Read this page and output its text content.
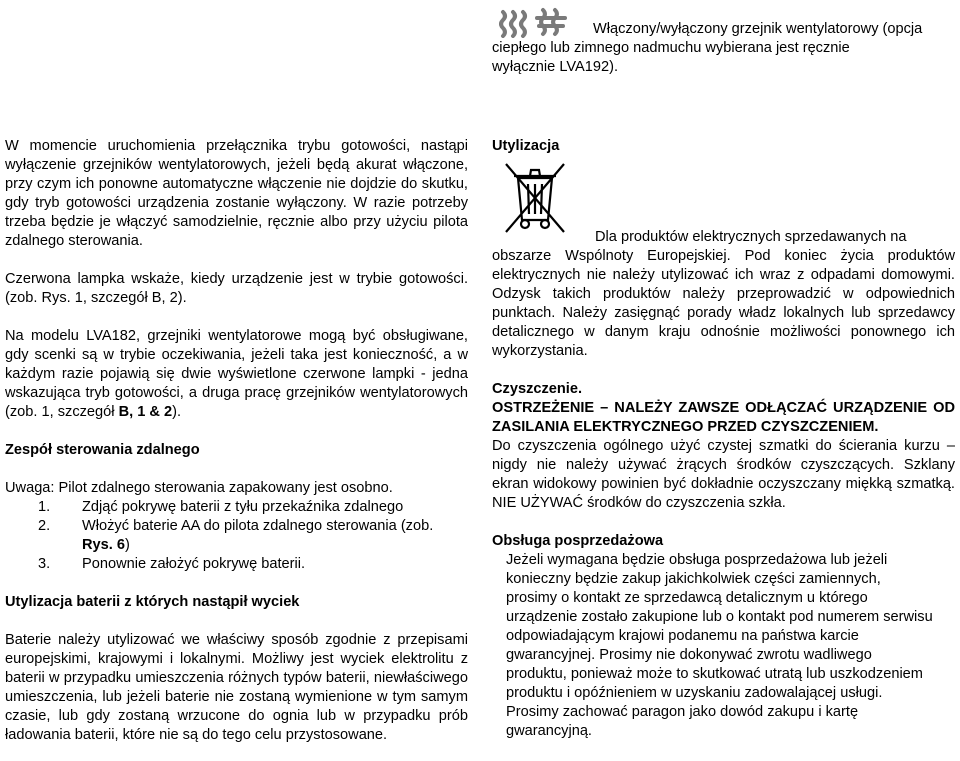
Włączony/wyłączony grzejnik wentylatorowy (opcja
ciepłego lub zimnego nadmuchu wybierana jest ręcznie
wyłącznie LVA192).

W momencie uruchomienia przełącznika trybu gotowości, nastąpi wyłączenie grzejników wentylatorowych, jeżeli będą akurat włączone, przy czym ich ponowne automatyczne włączenie nie dojdzie do skutku, gdy tryb gotowości urządzenia zostanie wyłączony. W razie potrzeby trzeba będzie je włączyć samodzielnie, ręcznie albo przy użyciu pilota zdalnego sterowania.

Czerwona lampka wskaże, kiedy urządzenie jest w trybie gotowości. (zob. Rys. 1, szczegół B, 2).

Na modelu LVA182, grzejniki wentylatorowe mogą być obsługiwane, gdy scenki są w trybie oczekiwania, jeżeli taka jest konieczność, a w każdym razie pojawią się dwie wyświetlone czerwone lampki - jedna wskazująca tryb gotowości, a druga pracę grzejników wentylatorowych (zob. 1, szczegół B, 1 & 2).

Zespół sterowania zdalnego

Uwaga: Pilot zdalnego sterowania zapakowany jest osobno.

1.	Zdjąć pokrywę baterii z tyłu przekaźnika zdalnego
2.	Włożyć baterie AA do pilota zdalnego sterowania (zob.
Rys. 6)
3.	Ponownie założyć pokrywę baterii.

Utylizacja baterii z których nastąpił wyciek

Baterie należy utylizować we właściwy sposób zgodnie z przepisami europejskimi, krajowymi i lokalnymi. Możliwy jest wyciek elektrolitu z baterii w przypadku umieszczenia różnych typów baterii, niewłaściwego umieszczenia, lub jeżeli baterie nie zostaną wymienione w tym samym czasie, lub gdy zostaną wrzucone do ognia lub w przypadku prób ładowania baterii, które nie są do tego celu przystosowane.

Utylizacja

Dla produktów elektrycznych sprzedawanych na
obszarze Wspólnoty Europejskiej. Pod koniec życia produktów elektrycznych nie należy utylizować ich wraz z odpadami domowymi. Odzysk takich produktów należy przeprowadzić w odpowiednich punktach. Należy zasięgnąć porady władz lokalnych lub sprzedawcy detalicznego w danym kraju odnośnie możliwości ponownego ich wykorzystania.

Czyszczenie.

OSTRZEŻENIE – NALEŻY ZAWSZE ODŁĄCZAĆ URZĄDZENIE OD ZASILANIA ELEKTRYCZNEGO PRZED CZYSZCZENIEM.

Do czyszczenia ogólnego użyć czystej szmatki do ścierania kurzu – nigdy nie należy używać żrących środków czyszczących. Szklany ekran widokowy powinien być dokładnie oczyszczany miękką szmatką. NIE UŻYWAĆ środków do czyszczenia szkła.

Obsługa posprzedażowa

Jeżeli wymagana będzie obsługa posprzedażowa lub jeżeli konieczny będzie zakup jakichkolwiek części zamiennych, prosimy o kontakt ze sprzedawcą detalicznym u którego urządzenie zostało zakupione lub o kontakt pod numerem serwisu odpowiadającym krajowi podanemu na państwa karcie gwarancyjnej. Prosimy nie dokonywać zwrotu wadliwego produktu, ponieważ może to skutkować utratą lub uszkodzeniem produktu i opóźnieniem w uzyskaniu zadowalającej usługi. Prosimy zachować paragon jako dowód zakupu i kartę gwarancyjną.
